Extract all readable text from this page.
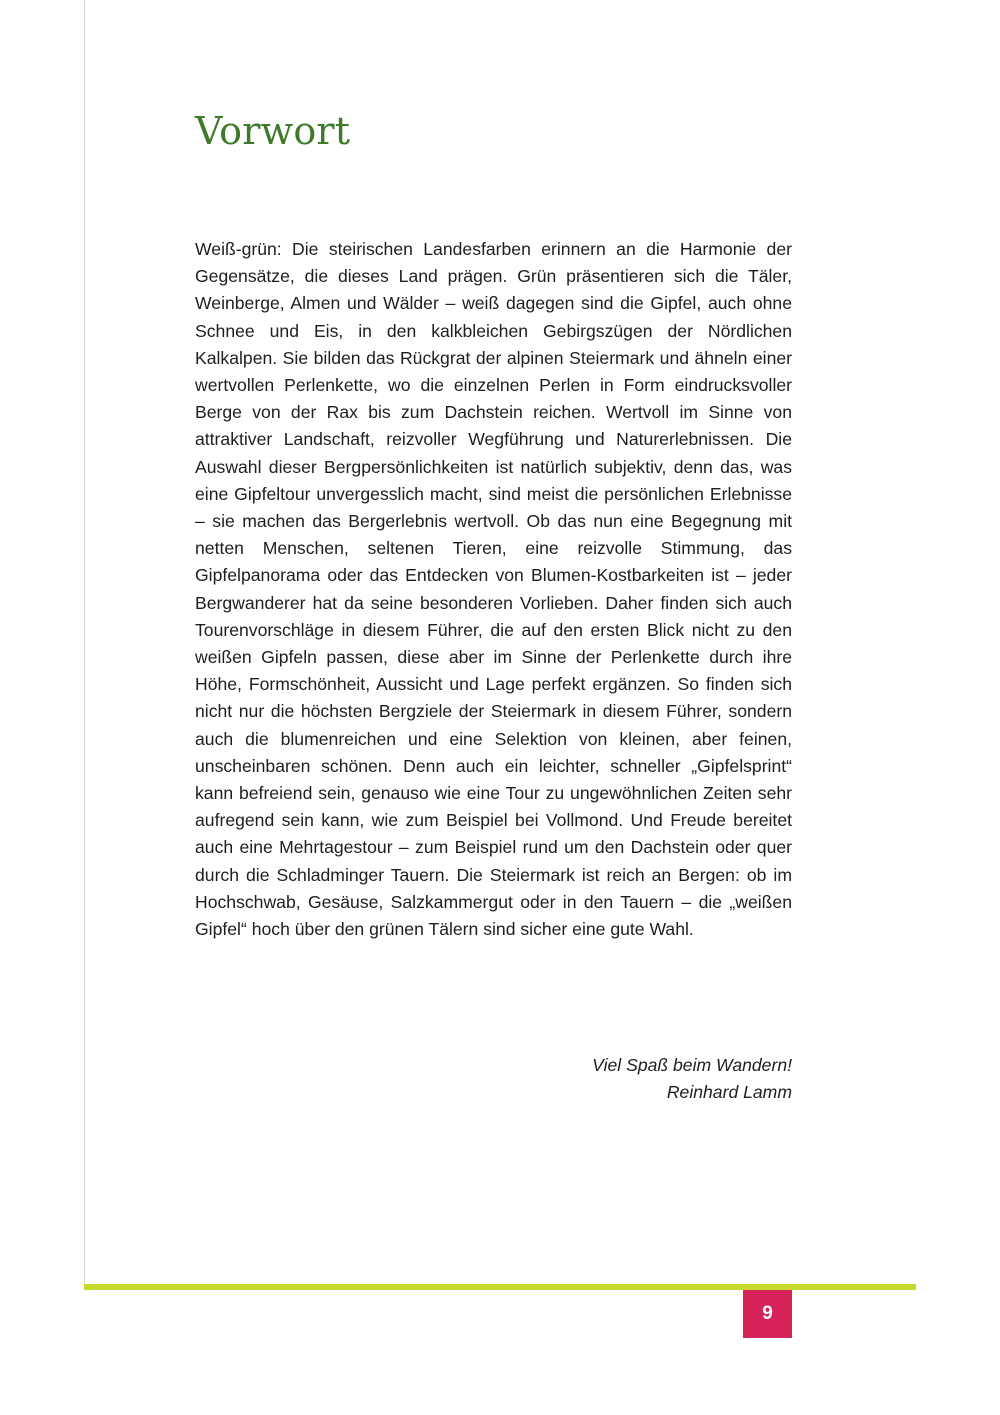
Vorwort

Weiß-grün: Die steirischen Landesfarben erinnern an die Harmonie der Gegensätze, die dieses Land prägen. Grün präsentieren sich die Täler, Weinberge, Almen und Wälder – weiß dagegen sind die Gipfel, auch ohne Schnee und Eis, in den kalkbleichen Gebirgszügen der Nördlichen Kalkalpen. Sie bilden das Rückgrat der alpinen Steiermark und ähneln einer wertvollen Perlenkette, wo die einzelnen Perlen in Form eindrucksvoller Berge von der Rax bis zum Dachstein reichen. Wertvoll im Sinne von attraktiver Landschaft, reizvoller Wegführung und Naturerlebnissen. Die Auswahl dieser Bergpersönlichkeiten ist natürlich subjektiv, denn das, was eine Gipfeltour unvergesslich macht, sind meist die persönlichen Erlebnisse – sie machen das Bergerlebnis wertvoll. Ob das nun eine Begegnung mit netten Menschen, seltenen Tieren, eine reizvolle Stimmung, das Gipfelpanorama oder das Entdecken von Blumen-Kostbarkeiten ist – jeder Bergwanderer hat da seine besonderen Vorlieben. Daher finden sich auch Tourenvorschläge in diesem Führer, die auf den ersten Blick nicht zu den weißen Gipfeln passen, diese aber im Sinne der Perlenkette durch ihre Höhe, Formschönheit, Aussicht und Lage perfekt ergänzen. So finden sich nicht nur die höchsten Bergziele der Steiermark in diesem Führer, sondern auch die blumenreichen und eine Selektion von kleinen, aber feinen, unscheinbaren schönen. Denn auch ein leichter, schneller „Gipfelsprint“ kann befreiend sein, genauso wie eine Tour zu ungewöhnlichen Zeiten sehr aufregend sein kann, wie zum Beispiel bei Vollmond. Und Freude bereitet auch eine Mehrtagestour – zum Beispiel rund um den Dachstein oder quer durch die Schladminger Tauern. Die Steiermark ist reich an Bergen: ob im Hochschwab, Gesäuse, Salzkammergut oder in den Tauern – die „weißen Gipfel“ hoch über den grünen Tälern sind sicher eine gute Wahl.

Viel Spaß beim Wandern!
Reinhard Lamm
9
